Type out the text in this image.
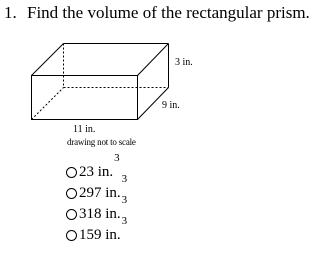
1. Find the volume of the rectangular prism.
3 in.
9 in.
11 in.
drawing not to scale
23 in.
$^3$
297 in.
$^3$
318 in.
$^3$
159 in.
$^3$
